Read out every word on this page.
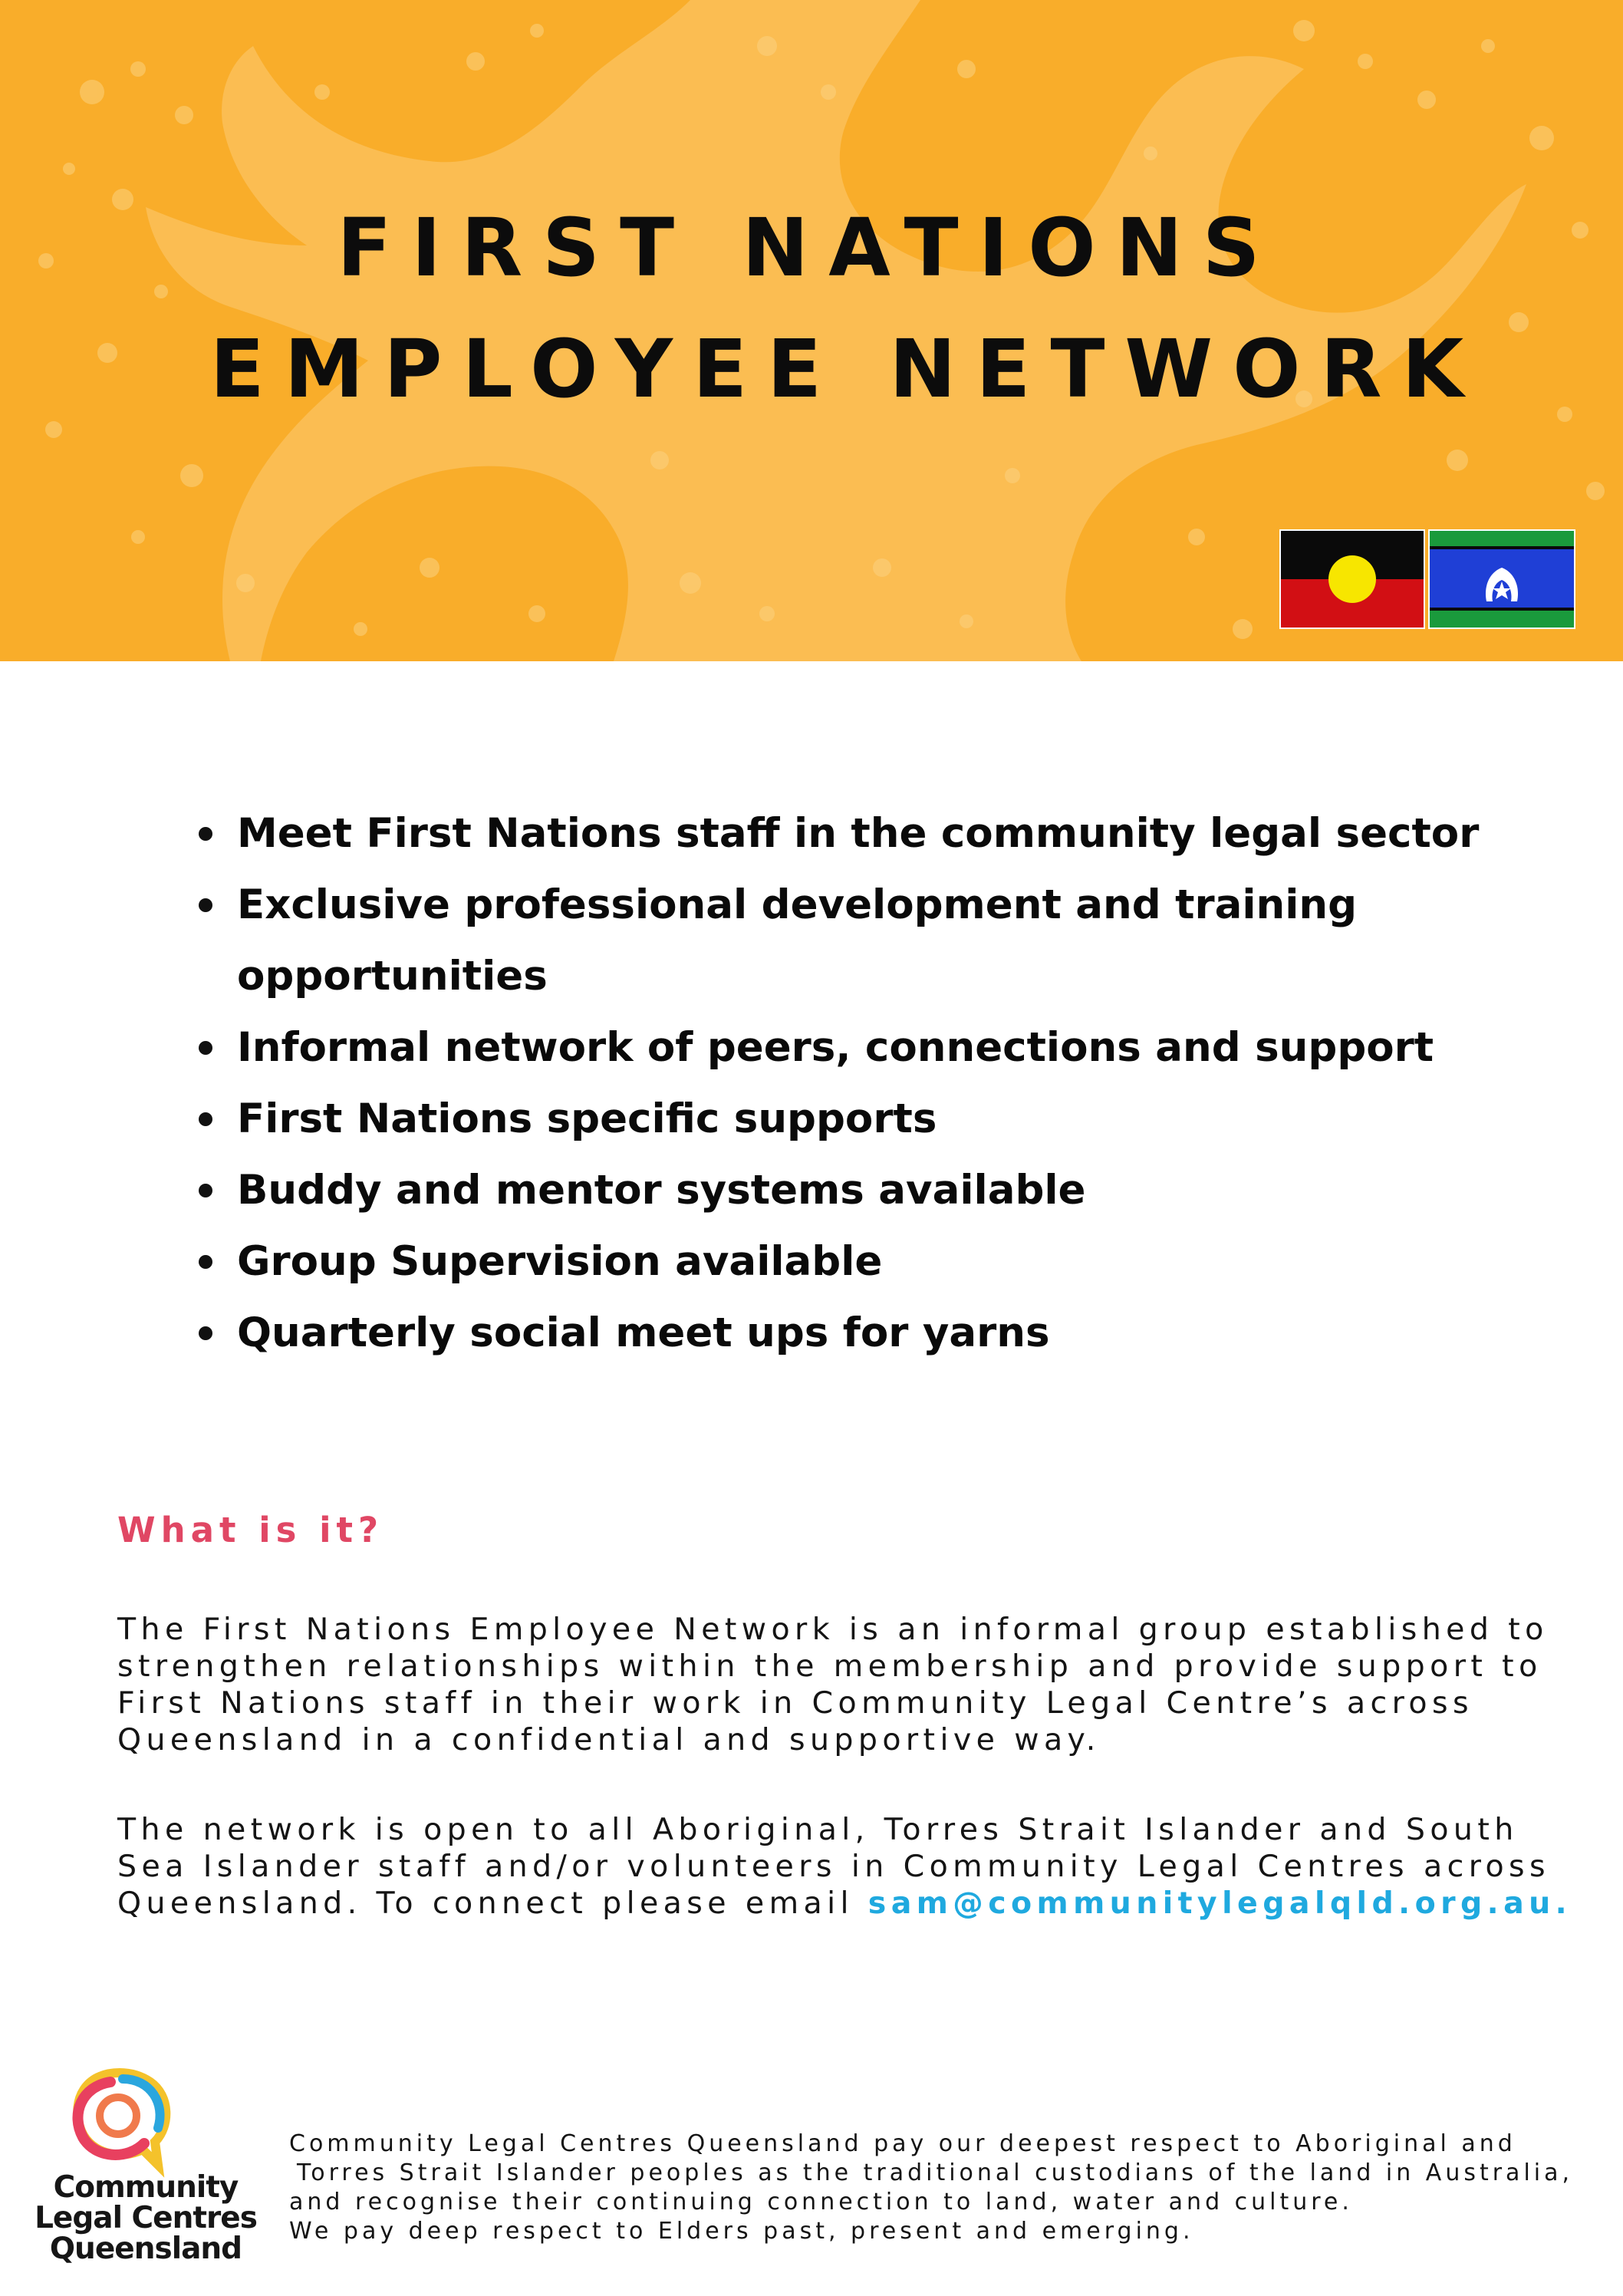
FIRST NATIONS
EMPLOYEE NETWORK
Meet First Nations staff in the community legal sector
Exclusive professional development and training opportunities
Informal network of peers, connections and support
First Nations specific supports
Buddy and mentor systems available
Group Supervision available
Quarterly social meet ups for yarns
What is it?

The First Nations Employee Network is an informal group established to strengthen relationships within the membership and provide support to First Nations staff in their work in Community Legal Centre’s across Queensland in a confidential and supportive way.

The network is open to all Aboriginal, Torres Strait Islander and South Sea Islander staff and/or volunteers in Community Legal Centres across Queensland. To connect please email sam@communitylegalqld.org.au.

Community
Legal Centres
Queensland
Community Legal Centres Queensland pay our deepest respect to Aboriginal and
Torres Strait Islander peoples as the traditional custodians of the land in Australia,
and recognise their continuing connection to land, water and culture.
We pay deep respect to Elders past, present and emerging.
